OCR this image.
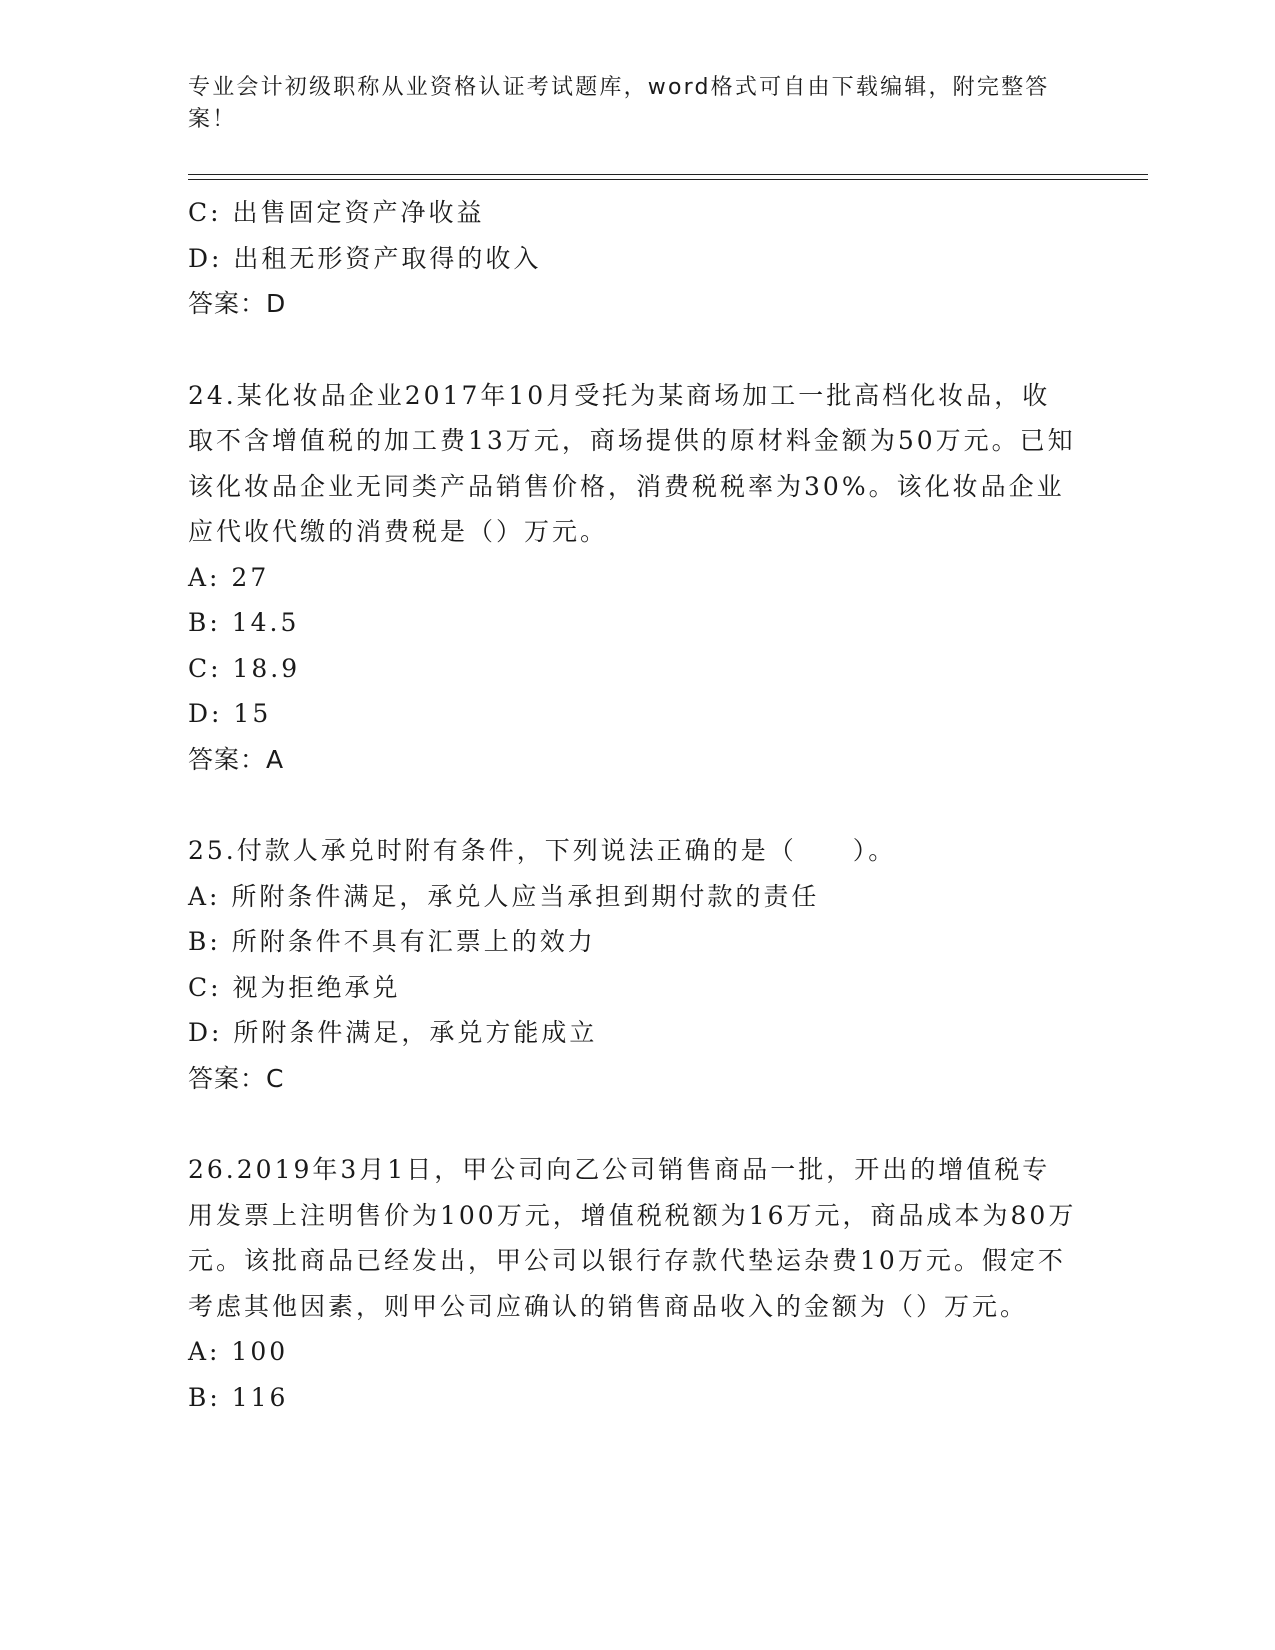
专业会计初级职称从业资格认证考试题库，word格式可自由下载编辑，附完整答案！
C: 出售固定资产净收益
D: 出租无形资产取得的收入
答案：D
24.某化妆品企业2017年10月受托为某商场加工一批高档化妆品，收取不含增值税的加工费13万元，商场提供的原材料金额为50万元。已知该化妆品企业无同类产品销售价格，消费税税率为30%。该化妆品企业应代收代缴的消费税是（）万元。
A: 27
B: 14.5
C: 18.9
D: 15
答案：A
25.付款人承兑时附有条件，下列说法正确的是（　　）。
A: 所附条件满足，承兑人应当承担到期付款的责任
B: 所附条件不具有汇票上的效力
C: 视为拒绝承兑
D: 所附条件满足，承兑方能成立
答案：C
26.2019年3月1日，甲公司向乙公司销售商品一批，开出的增值税专用发票上注明售价为100万元，增值税税额为16万元，商品成本为80万元。该批商品已经发出，甲公司以银行存款代垫运杂费10万元。假定不考虑其他因素，则甲公司应确认的销售商品收入的金额为（）万元。
A: 100
B: 116
